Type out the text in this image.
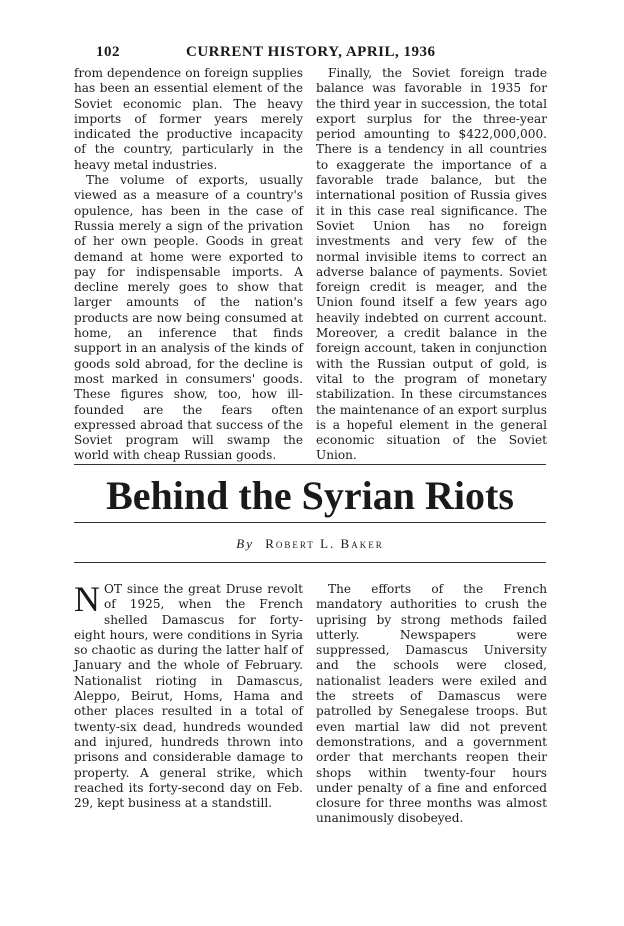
102	CURRENT HISTORY, APRIL, 1936

from dependence on foreign supplies has been an essential element of the Soviet economic plan. The heavy imports of former years merely indicated the productive incapacity of the country, particularly in the heavy metal industries.

The volume of exports, usually viewed as a measure of a country's opulence, has been in the case of Russia merely a sign of the privation of her own people. Goods in great demand at home were exported to pay for indispensable imports. A decline merely goes to show that larger amounts of the nation's products are now being consumed at home, an inference that finds support in an analysis of the kinds of goods sold abroad, for the decline is most marked in consumers' goods. These figures show, too, how ill-founded are the fears often expressed abroad that success of the Soviet program will swamp the world with cheap Russian goods.

Finally, the Soviet foreign trade balance was favorable in 1935 for the third year in succession, the total export surplus for the three-year period amounting to $422,000,000. There is a tendency in all countries to exaggerate the importance of a favorable trade balance, but the international position of Russia gives it in this case real significance. The Soviet Union has no foreign investments and very few of the normal invisible items to correct an adverse balance of payments. Soviet foreign credit is meager, and the Union found itself a few years ago heavily indebted on current account. Moreover, a credit balance in the foreign account, taken in conjunction with the Russian output of gold, is vital to the program of monetary stabilization. In these circumstances the maintenance of an export surplus is a hopeful element in the general economic situation of the Soviet Union.

Behind the Syrian Riots
By Robert L. Baker

NOT since the great Druse revolt of 1925, when the French shelled Damascus for forty-eight hours, were conditions in Syria so chaotic as during the latter half of January and the whole of February. Nationalist rioting in Damascus, Aleppo, Beirut, Homs, Hama and other places resulted in a total of twenty-six dead, hundreds wounded and injured, hundreds thrown into prisons and considerable damage to property. A general strike, which reached its forty-second day on Feb. 29, kept business at a standstill.

The efforts of the French mandatory authorities to crush the uprising by strong methods failed utterly. Newspapers were suppressed, Damascus University and the schools were closed, nationalist leaders were exiled and the streets of Damascus were patrolled by Senegalese troops. But even martial law did not prevent demonstrations, and a government order that merchants reopen their shops within twenty-four hours under penalty of a fine and enforced closure for three months was almost unanimously disobeyed.
